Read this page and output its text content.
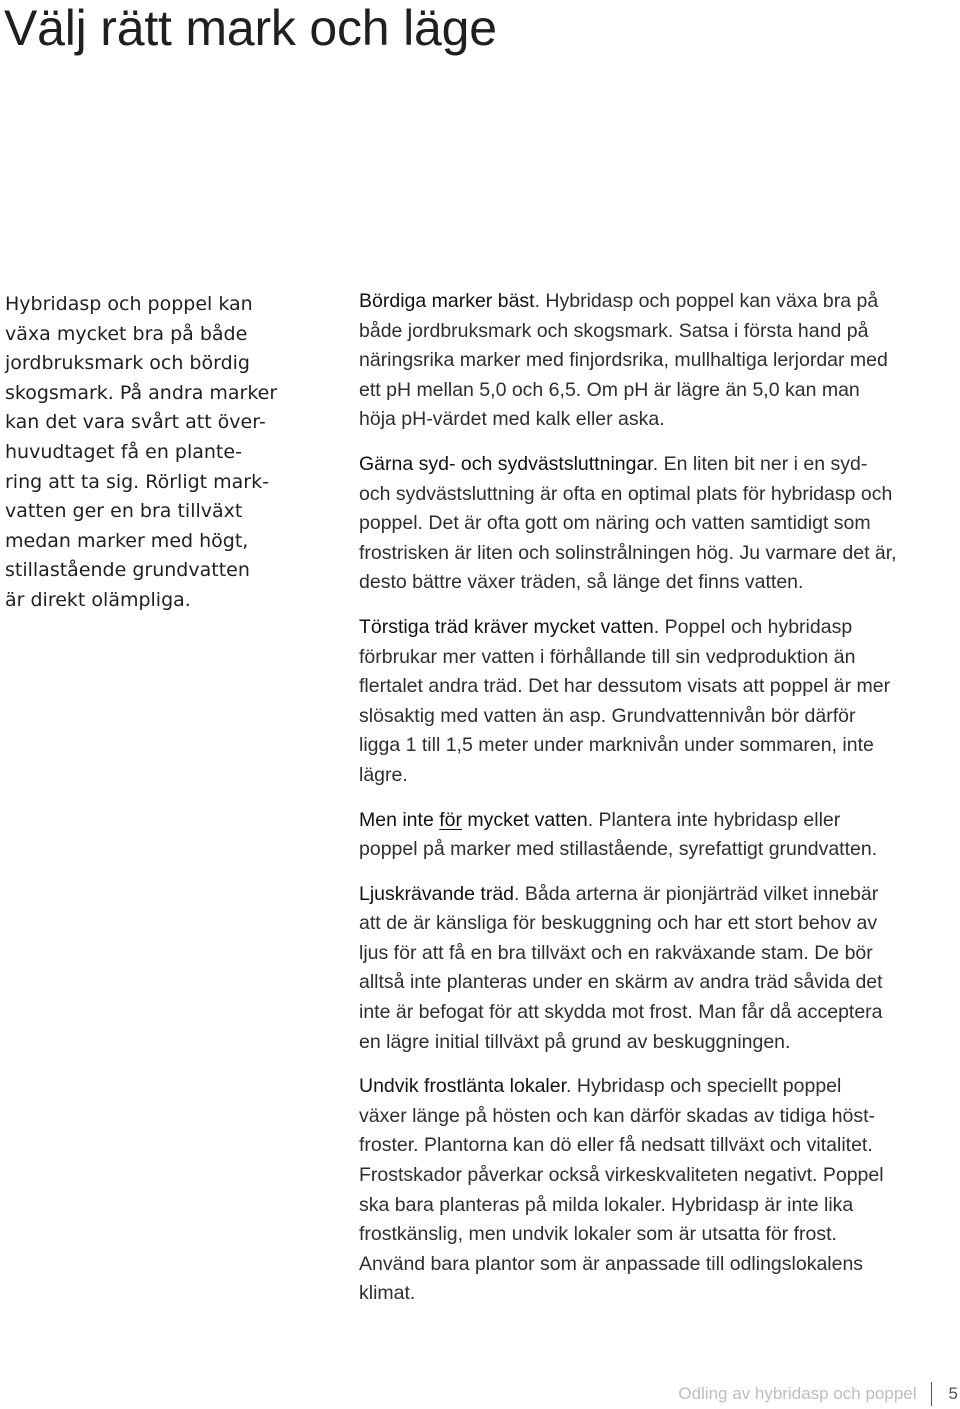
Välj rätt mark och läge
Hybridasp och poppel kan
växa mycket bra på både
jordbruksmark och bördig
skogsmark. På andra marker
kan det vara svårt att över-
huvudtaget få en plante-
ring att ta sig. Rörligt mark-
vatten ger en bra tillväxt
medan marker med högt,
stillastående grundvatten
är direkt olämpliga.

Bördiga marker bäst. Hybridasp och poppel kan växa bra på
både jordbruksmark och skogsmark. Satsa i första hand på
näringsrika marker med finjordsrika, mullhaltiga lerjordar med
ett pH mellan 5,0 och 6,5. Om pH är lägre än 5,0 kan man
höja pH-värdet med kalk eller aska.

Gärna syd- och sydvästsluttningar. En liten bit ner i en syd-
och sydvästsluttning är ofta en optimal plats för hybridasp och
poppel. Det är ofta gott om näring och vatten samtidigt som
frostrisken är liten och solinstrålningen hög. Ju varmare det är,
desto bättre växer träden, så länge det finns vatten.

Törstiga träd kräver mycket vatten. Poppel och hybridasp
förbrukar mer vatten i förhållande till sin vedproduktion än
flertalet andra träd. Det har dessutom visats att poppel är mer
slösaktig med vatten än asp. Grundvattennivån bör därför
ligga 1 till 1,5 meter under marknivån under sommaren, inte
lägre.

Men inte för mycket vatten. Plantera inte hybridasp eller
poppel på marker med stillastående, syrefattigt grundvatten.

Ljuskrävande träd. Båda arterna är pionjärträd vilket innebär
att de är känsliga för beskuggning och har ett stort behov av
ljus för att få en bra tillväxt och en rakväxande stam. De bör
alltså inte planteras under en skärm av andra träd såvida det
inte är befogat för att skydda mot frost. Man får då acceptera
en lägre initial tillväxt på grund av beskuggningen.

Undvik frostlänta lokaler. Hybridasp och speciellt poppel
växer länge på hösten och kan därför skadas av tidiga höst-
froster. Plantorna kan dö eller få nedsatt tillväxt och vitalitet.
Frostskador påverkar också virkeskvaliteten negativt. Poppel
ska bara planteras på milda lokaler. Hybridasp är inte lika
frostkänslig, men undvik lokaler som är utsatta för frost.
Använd bara plantor som är anpassade till odlingslokalens
klimat.

Odling av hybridasp och poppel 5
